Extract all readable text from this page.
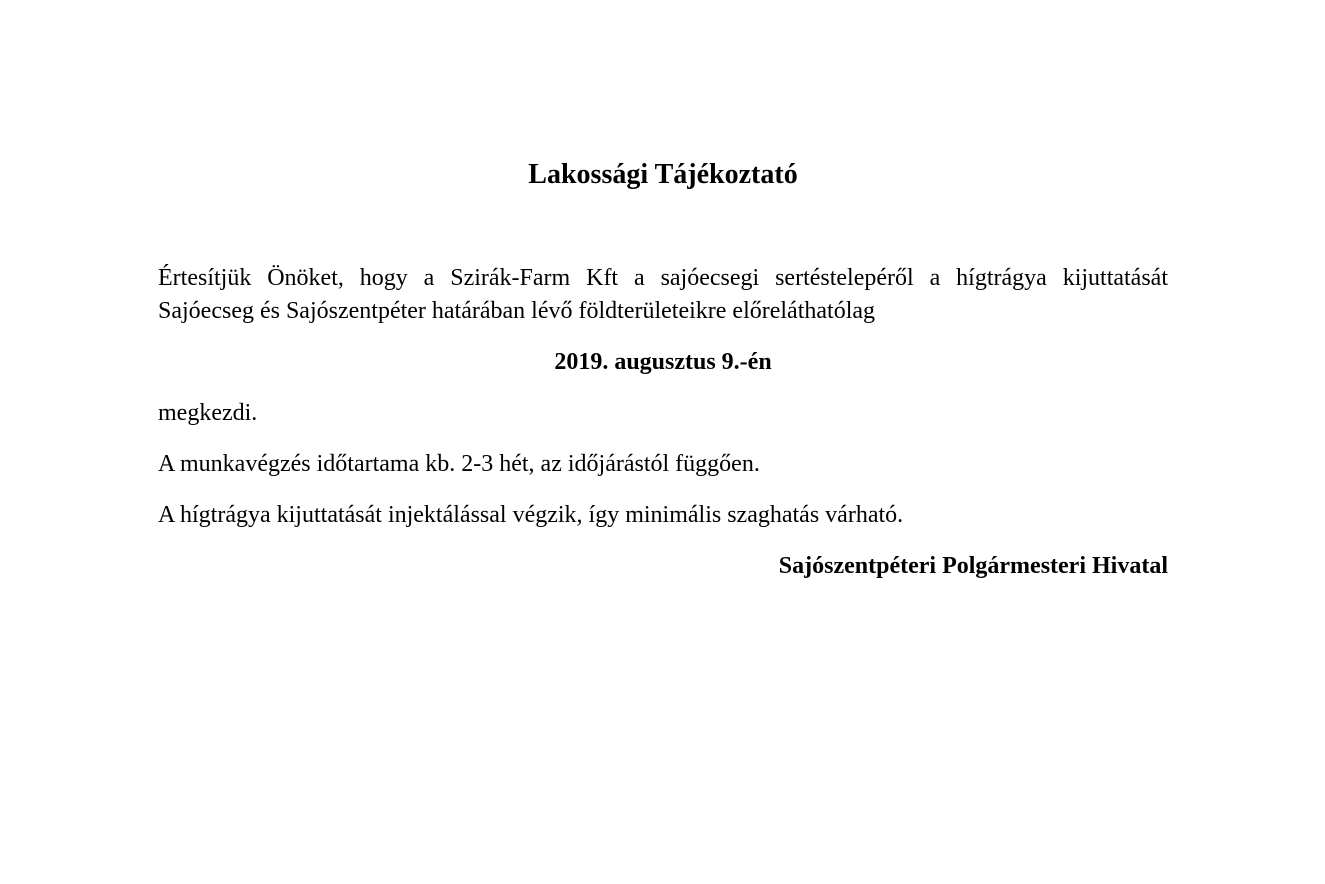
Lakossági Tájékoztató
Értesítjük Önöket, hogy a Szirák-Farm Kft a sajóecsegi sertéstelepéről a hígtrágya kijuttatását
Sajóecseg és Sajószentpéter határában lévő földterületeikre előreláthatólag
2019. augusztus 9.-én
megkezdi.
A munkavégzés időtartama kb. 2-3 hét, az időjárástól függően.
A hígtrágya kijuttatását injektálással végzik, így minimális szaghatás várható.
Sajószentpéteri Polgármesteri Hivatal
